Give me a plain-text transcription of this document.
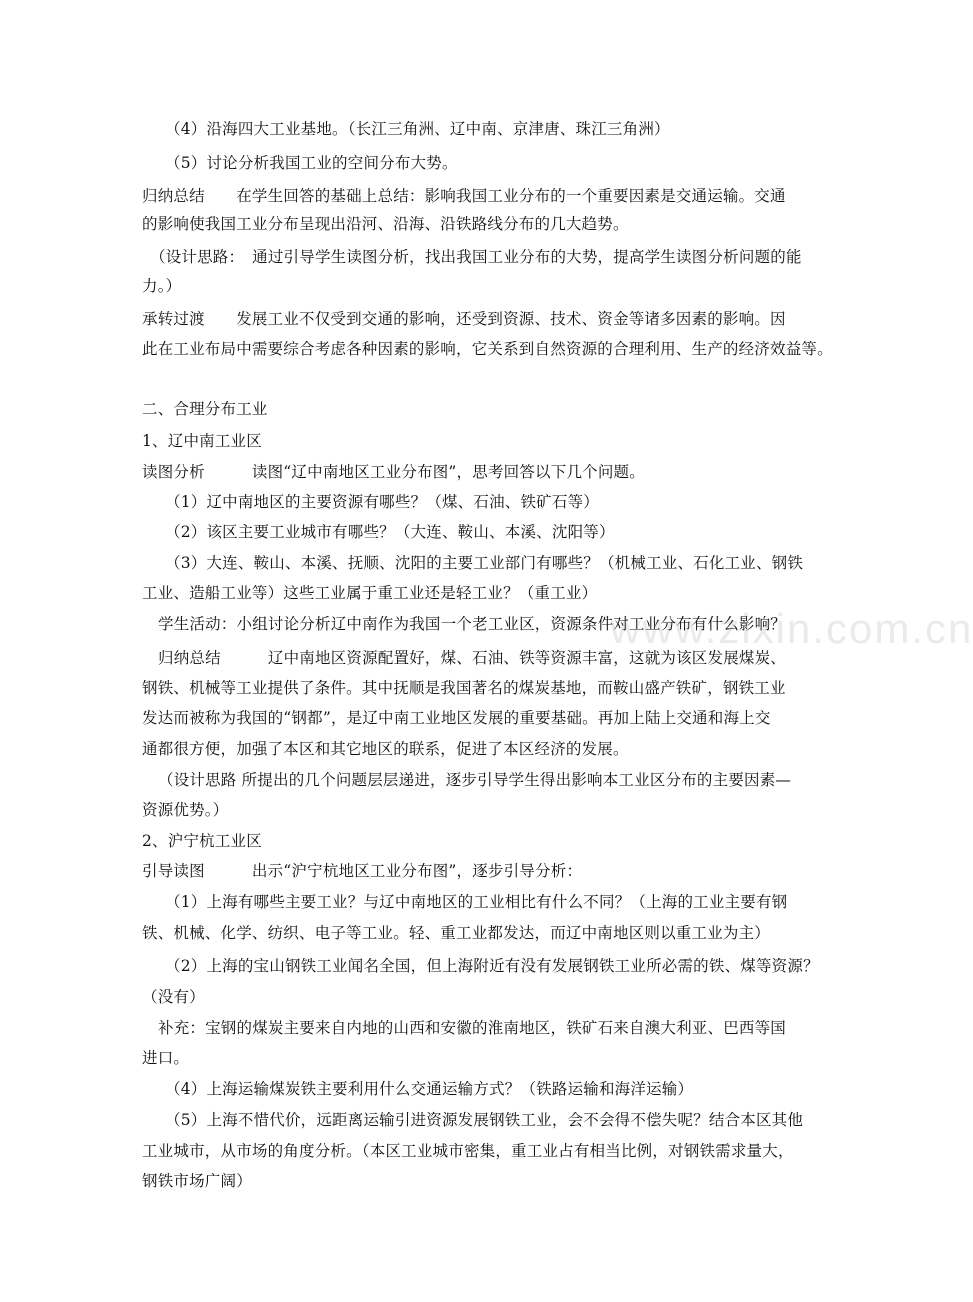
（4）沿海四大工业基地。（长江三角洲、辽中南、京津唐、珠江三角洲）
（5）讨论分析我国工业的空间分布大势。
归纳总结　　在学生回答的基础上总结：影响我国工业分布的一个重要因素是交通运输。交通
的影响使我国工业分布呈现出沿河、沿海、沿铁路线分布的几大趋势。
（设计思路：　通过引导学生读图分析，找出我国工业分布的大势，提高学生读图分析问题的能
力。）
承转过渡　　发展工业不仅受到交通的影响，还受到资源、技术、资金等诸多因素的影响。因
此在工业布局中需要综合考虑各种因素的影响，它关系到自然资源的合理利用、生产的经济效益等。
二、合理分布工业
1、辽中南工业区
读图分析　　　读图“辽中南地区工业分布图”，思考回答以下几个问题。
（1）辽中南地区的主要资源有哪些？（煤、石油、铁矿石等）
（2）该区主要工业城市有哪些？（大连、鞍山、本溪、沈阳等）
（3）大连、鞍山、本溪、抚顺、沈阳的主要工业部门有哪些？（机械工业、石化工业、钢铁
工业、造船工业等）这些工业属于重工业还是轻工业？（重工业）
学生活动：小组讨论分析辽中南作为我国一个老工业区，资源条件对工业分布有什么影响？
归纳总结　　　辽中南地区资源配置好，煤、石油、铁等资源丰富，这就为该区发展煤炭、
钢铁、机械等工业提供了条件。其中抚顺是我国著名的煤炭基地，而鞍山盛产铁矿，钢铁工业
发达而被称为我国的“钢都”，是辽中南工业地区发展的重要基础。再加上陆上交通和海上交
通都很方便，加强了本区和其它地区的联系，促进了本区经济的发展。
（设计思路 所提出的几个问题层层递进，逐步引导学生得出影响本工业区分布的主要因素—
资源优势。）
2、沪宁杭工业区
引导读图　　　出示“沪宁杭地区工业分布图”，逐步引导分析：
（1）上海有哪些主要工业？与辽中南地区的工业相比有什么不同？（上海的工业主要有钢
铁、机械、化学、纺织、电子等工业。轻、重工业都发达，而辽中南地区则以重工业为主）
（2）上海的宝山钢铁工业闻名全国，但上海附近有没有发展钢铁工业所必需的铁、煤等资源？
（没有）
补充：宝钢的煤炭主要来自内地的山西和安徽的淮南地区，铁矿石来自澳大利亚、巴西等国
进口。
（4）上海运输煤炭铁主要利用什么交通运输方式？（铁路运输和海洋运输）
（5）上海不惜代价，远距离运输引进资源发展钢铁工业，会不会得不偿失呢？结合本区其他
工业城市，从市场的角度分析。（本区工业城市密集，重工业占有相当比例，对钢铁需求量大，
钢铁市场广阔）
www.zixin.com.cn
